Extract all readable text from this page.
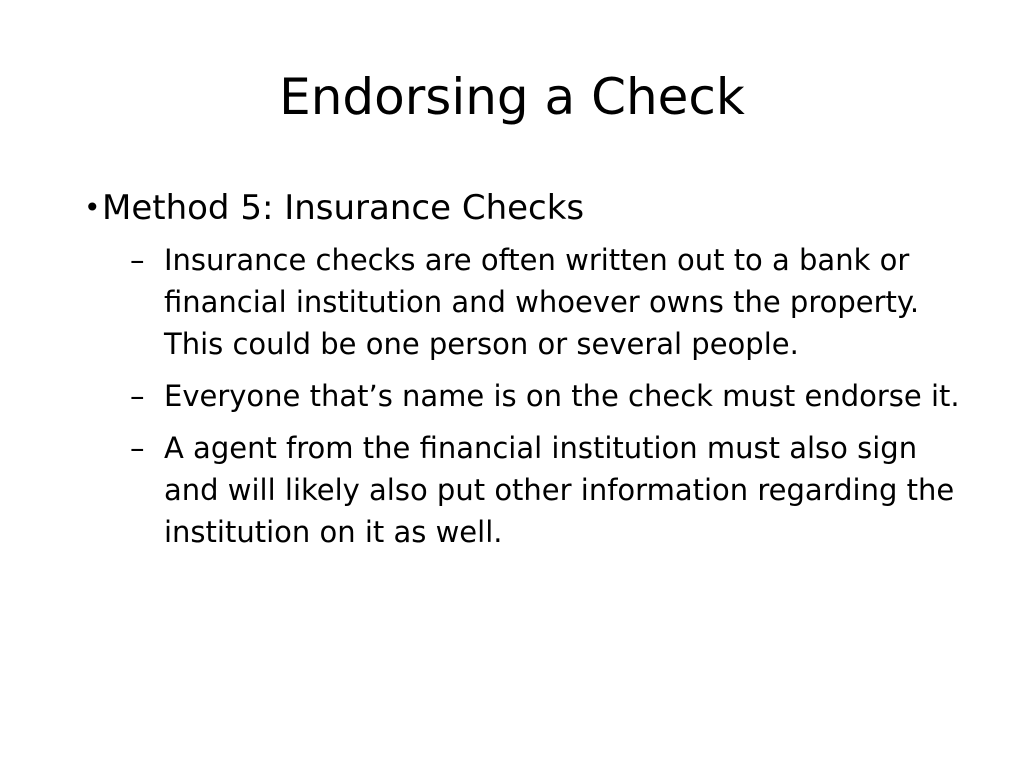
Endorsing a Check
• Method 5: Insurance Checks
– Insurance checks are often written out to a bank or financial institution and whoever owns the property. This could be one person or several people.
– Everyone that’s name is on the check must endorse it.
– A agent from the financial institution must also sign and will likely also put other information regarding the institution on it as well.
